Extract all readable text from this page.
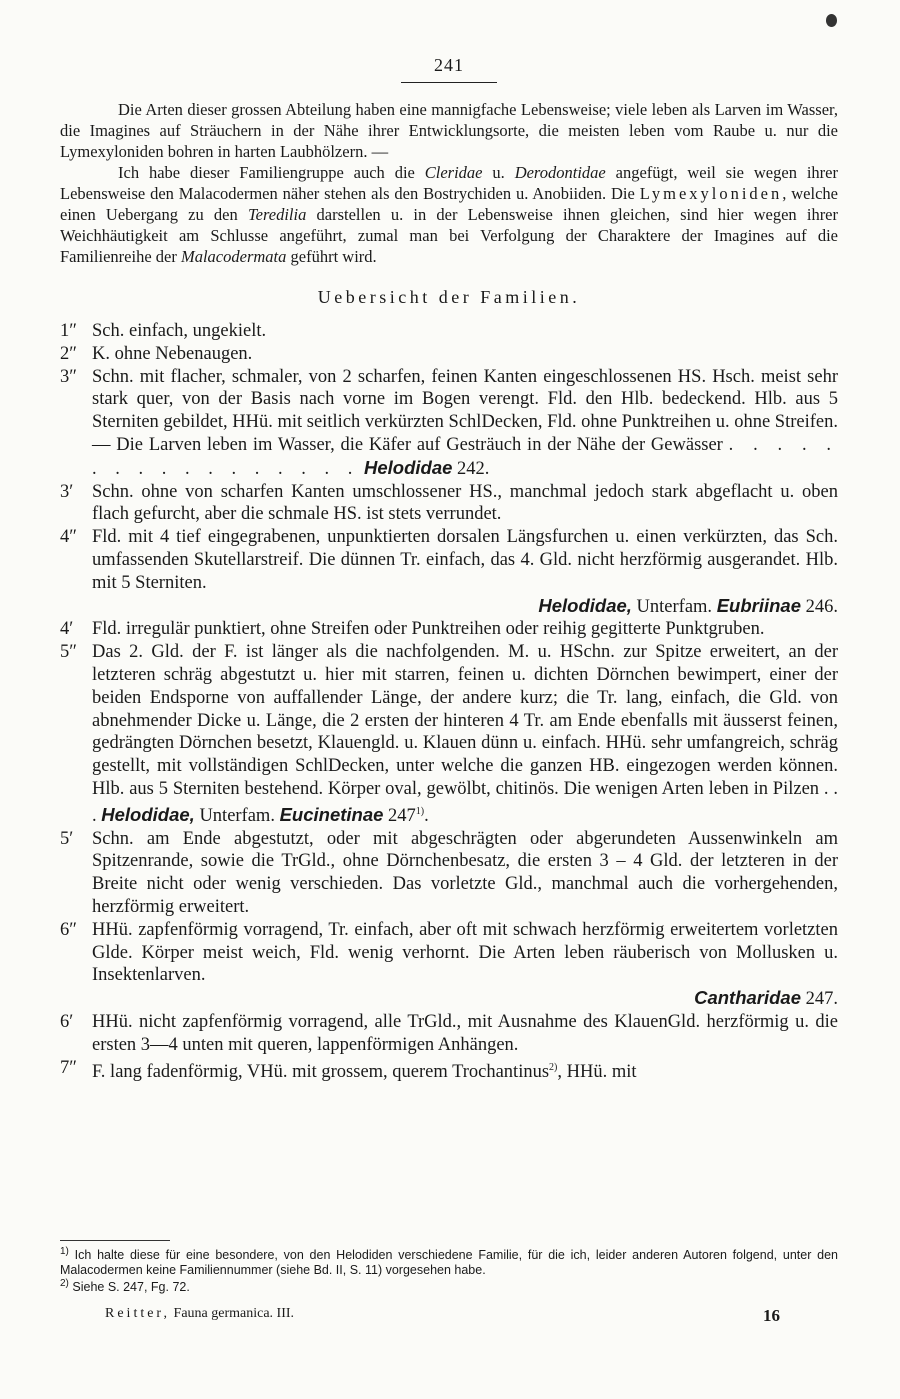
241

Die Arten dieser grossen Abteilung haben eine mannigfache Lebensweise; viele leben als Larven im Wasser, die Imagines auf Sträuchern in der Nähe ihrer Entwicklungsorte, die meisten leben vom Raube u. nur die Lymexyloniden bohren in harten Laubhölzern. —

Ich habe dieser Familiengruppe auch die Cleridae u. Derodontidae angefügt, weil sie wegen ihrer Lebensweise den Malacodermen näher stehen als den Bostrychiden u. Anobiiden. Die Lymexyloniden, welche einen Uebergang zu den Teredilia darstellen u. in der Lebensweise ihnen gleichen, sind hier wegen ihrer Weichhäutigkeit am Schlusse angeführt, zumal man bei Verfolgung der Charaktere der Imagines auf die Familienreihe der Malacodermata geführt wird.

Uebersicht der Familien.
1″ Sch. einfach, ungekielt.
2″ K. ohne Nebenaugen.
3″ Schn. mit flacher, schmaler, von 2 scharfen, feinen Kanten eingeschlossenen HS. Hsch. meist sehr stark quer, von der Basis nach vorne im Bogen verengt. Fld. den Hlb. bedeckend. Hlb. aus 5 Sterniten gebildet, HHü. mit seitlich verkürzten SchlDecken, Fld. ohne Punktreihen u. ohne Streifen. — Die Larven leben im Wasser, die Käfer auf Gesträuch in der Nähe der Gewässer . . . . . . . . . . . . . . . . . Helodidae 242.
3′	Schn. ohne von scharfen Kanten umschlossener HS., manchmal jedoch stark abgeflacht u. oben flach gefurcht, aber die schmale HS. ist stets verrundet.
4″ Fld. mit 4 tief eingegrabenen, unpunktierten dorsalen Längsfurchen u. einen verkürzten, das Sch. umfassenden Skutellarstreif. Die dünnen Tr. einfach, das 4. Gld. nicht herzförmig ausgerandet. Hlb. mit 5 Sterniten.
Helodidae, Unterfam. Eubriinae 246.
4′	Fld. irregulär punktiert, ohne Streifen oder Punktreihen oder reihig gegitterte Punktgruben.
5″ Das 2. Gld. der F. ist länger als die nachfolgenden. M. u. HSchn. zur Spitze erweitert, an der letzteren schräg abgestutzt u. hier mit starren, feinen u. dichten Dörnchen bewimpert, einer der beiden Endsporne von auffallender Länge, der andere kurz; die Tr. lang, einfach, die Gld. von abnehmender Dicke u. Länge, die 2 ersten der hinteren 4 Tr. am Ende ebenfalls mit äusserst feinen, gedrängten Dörnchen besetzt, Klauengld. u. Klauen dünn u. einfach. HHü. sehr umfangreich, schräg gestellt, mit vollständigen SchlDecken, unter welche die ganzen HB. eingezogen werden können. Hlb. aus 5 Sterniten bestehend. Körper oval, gewölbt, chitinös. Die wenigen Arten leben in Pilzen . . . Helodidae, Unterfam. Eucinetinae 247$^{1)}$.
5′	Schn. am Ende abgestutzt, oder mit abgeschrägten oder abgerundeten Aussenwinkeln am Spitzenrande, sowie die TrGld., ohne Dörnchenbesatz, die ersten 3 – 4 Gld. der letzteren in der Breite nicht oder wenig verschieden. Das vorletzte Gld., manchmal auch die vorhergehenden, herzförmig erweitert.
6″ HHü. zapfenförmig vorragend, Tr. einfach, aber oft mit schwach herzförmig erweitertem vorletzten Glde. Körper meist weich, Fld. wenig verhornt. Die Arten leben räuberisch von Mollusken u. Insektenlarven.
Cantharidae 247.
6′	HHü. nicht zapfenförmig vorragend, alle TrGld., mit Ausnahme des KlauenGld. herzförmig u. die ersten 3—4 unten mit queren, lappenförmigen Anhängen.
7″ F. lang fadenförmig, VHü. mit grossem, querem Trochantinus$^{2)}$, HHü. mit
$^{1)}$ Ich halte diese für eine besondere, von den Helodiden verschiedene Familie, für die ich, leider anderen Autoren folgend, unter den Malacodermen keine Familiennummer (siehe Bd. II, S. 11) vorgesehen habe.
$^{2)}$ Siehe S. 247, Fg. 72.
Reitter, Fauna germanica. III.	16
